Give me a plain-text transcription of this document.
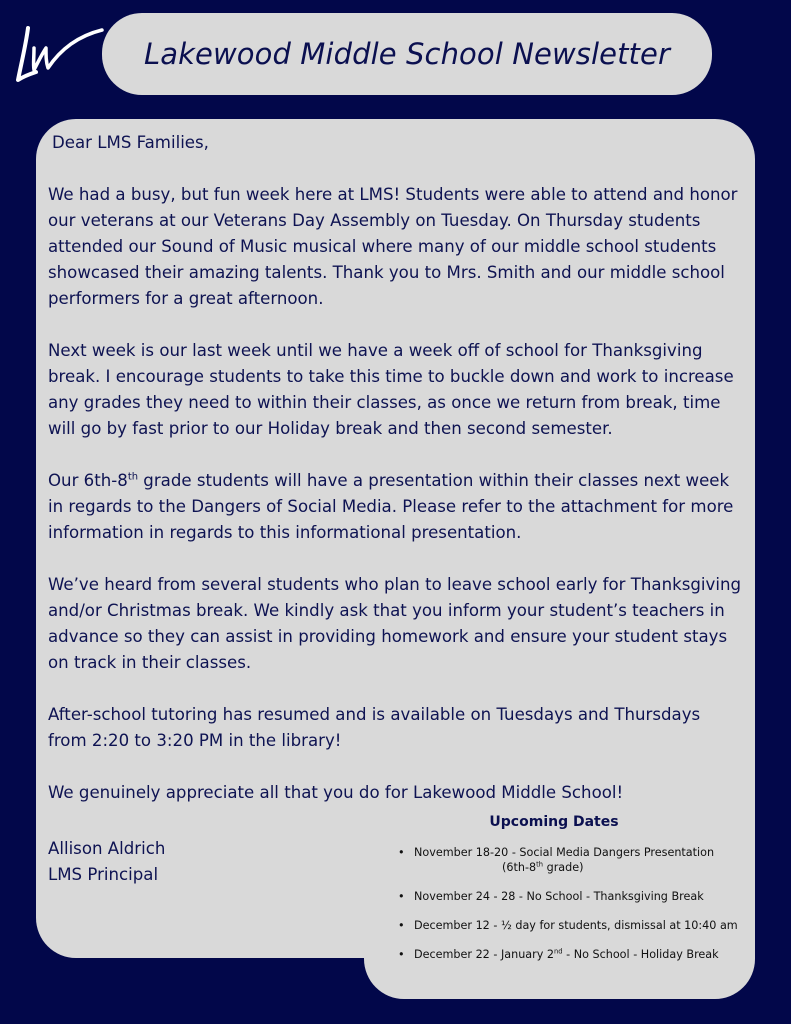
Lakewood Middle School Newsletter

Dear LMS Families,

We had a busy, but fun week here at LMS! Students were able to attend and honor
our veterans at our Veterans Day Assembly on Tuesday. On Thursday students
attended our Sound of Music musical where many of our middle school students
showcased their amazing talents. Thank you to Mrs. Smith and our middle school
performers for a great afternoon.

Next week is our last week until we have a week off of school for Thanksgiving
break. I encourage students to take this time to buckle down and work to increase
any grades they need to within their classes, as once we return from break, time
will go by fast prior to our Holiday break and then second semester.

Our 6th-8th grade students will have a presentation within their classes next week
in regards to the Dangers of Social Media. Please refer to the attachment for more
information in regards to this informational presentation.

We’ve heard from several students who plan to leave school early for Thanksgiving
and/or Christmas break. We kindly ask that you inform your student’s teachers in
advance so they can assist in providing homework and ensure your student stays
on track in their classes.

After-school tutoring has resumed and is available on Tuesdays and Thursdays
from 2:20 to 3:20 PM in the library!

We genuinely appreciate all that you do for Lakewood Middle School!

Allison Aldrich
LMS Principal
Upcoming Dates
• November 18-20 - Social Media Dangers Presentation
(6th-8th grade)
• November 24 - 28 - No School - Thanksgiving Break
• December 12 - ½ day for students, dismissal at 10:40 am
• December 22 - January 2nd - No School - Holiday Break
